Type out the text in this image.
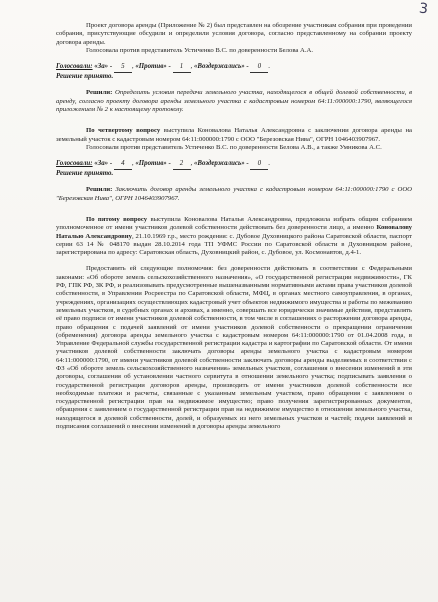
3

Проект договора аренды (Приложение № 2) был представлен на обозрение участникам собрания при проведении собрания, присутствующие обсудили и определили условия договора, согласно представленному на собрании проекту договора аренды.

Голосовала против представитель Устиченко В.С. по доверенности Белова А.А.

Голосовали: «За» - 5 , «Против» - 1 , «Воздержались» - 0 .

Решение принято.

Решили: Определить условия передачи земельного участка, находящегося в общей долевой собственности, в аренду, согласно проекту договора аренды земельного участка с кадастровым номером 64:11:000000:1790, являющегося приложением № 2 к настоящему протоколу.

По четвертому вопросу выступила Коновалова Наталья Александровна с заключении договора аренды на земельный участок с кадастровым номером 64:11:000000:1790 с ООО "Березовская Нива", ОГРН 1046403907967.

Голосовали против представитель Устиченко В.С. по доверенности Белова А.В., а также Умникова А.С.

Голосовали: «За» - 4 , «Против» - 2 , «Воздержались» - 0 .

Решение принято.

Решили: Заключить договор аренды земельного участка с кадастровым номером 64:11:000000:1790 с ООО "Березовская Нива", ОГРН 1046403907967.

По пятому вопросу выступила Коновалова Наталья Александровна, предложила избрать общим собранием уполномоченное от имени участников долевой собственности действовать без доверенности лицо, а именно Коновалову Наталью Александровну, 21.10.1969 г.р., место рождения: с. Дубовое Духовницкого района Саратовской области, паспорт серии 63 14 № 048170 выдан 28.10.2014 года ТП УФМС России по Саратовской области в Духовницком районе, зарегистрирована по адресу: Саратовская область, Духовницкий район, с. Дубовое, ул. Космонавтов, д.4-1.

Предоставить ей следующие полномочия: без доверенности действовать в соответствии с Федеральными законами: «Об обороте земель сельскохозяйственного назначения», «О государственной регистрации недвижимости», ГК РФ, ГПК РФ, ЗК РФ, и реализовывать предусмотренные вышеназванными нормативными актами права участников долевой собственности, в Управлении Росреестра по Саратовской области, МФЦ, в органах местного самоуправления, в органах, учреждениях, организациях осуществляющих кадастровый учет объектов недвижимого имущества и работы по межеванию земельных участков, в судебных органах и архивах, а именно, совершать все юридически значимые действия, представлять её право подписи от имени участников долевой собственности, в том числе в соглашениях о расторжении договора аренды, право обращения с подачей заявлений от имени участников долевой собственности о прекращении ограничения (обременения) договора аренды земельного участка с кадастровым номером 64:11:000000:1790 от 01.04.2008 года, в Управление Федеральной службы государственной регистрации кадастра и картографии по Саратовской области. От имени участников долевой собственности заключать договоры аренды земельного участка с кадастровым номером 64:11:000000:1790, от имени участников долевой собственности заключать договоры аренды выделяемых в соответствии с ФЗ «Об обороте земель сельскохозяйственного назначения» земельных участков, соглашения о внесении изменений в эти договоры, соглашения об установлении частного сервитута в отношении земельного участка; подписывать заявления о государственной регистрации договоров аренды, производить от имени участников долевой собственности все необходимые платежи и расчеты, связанные с указанным земельным участком, право обращения с заявлением о государственной регистрации прав на недвижимое имущество; право получения зарегистрированных документов, обращения с заявлением о государственной регистрации прав на недвижимое имущество в отношении земельного участка, находящегося в долевой собственности, долей, и образуемых из него земельных участков и частей; подачи заявлений и подписания соглашений о внесении изменений в договоры аренды земельного
